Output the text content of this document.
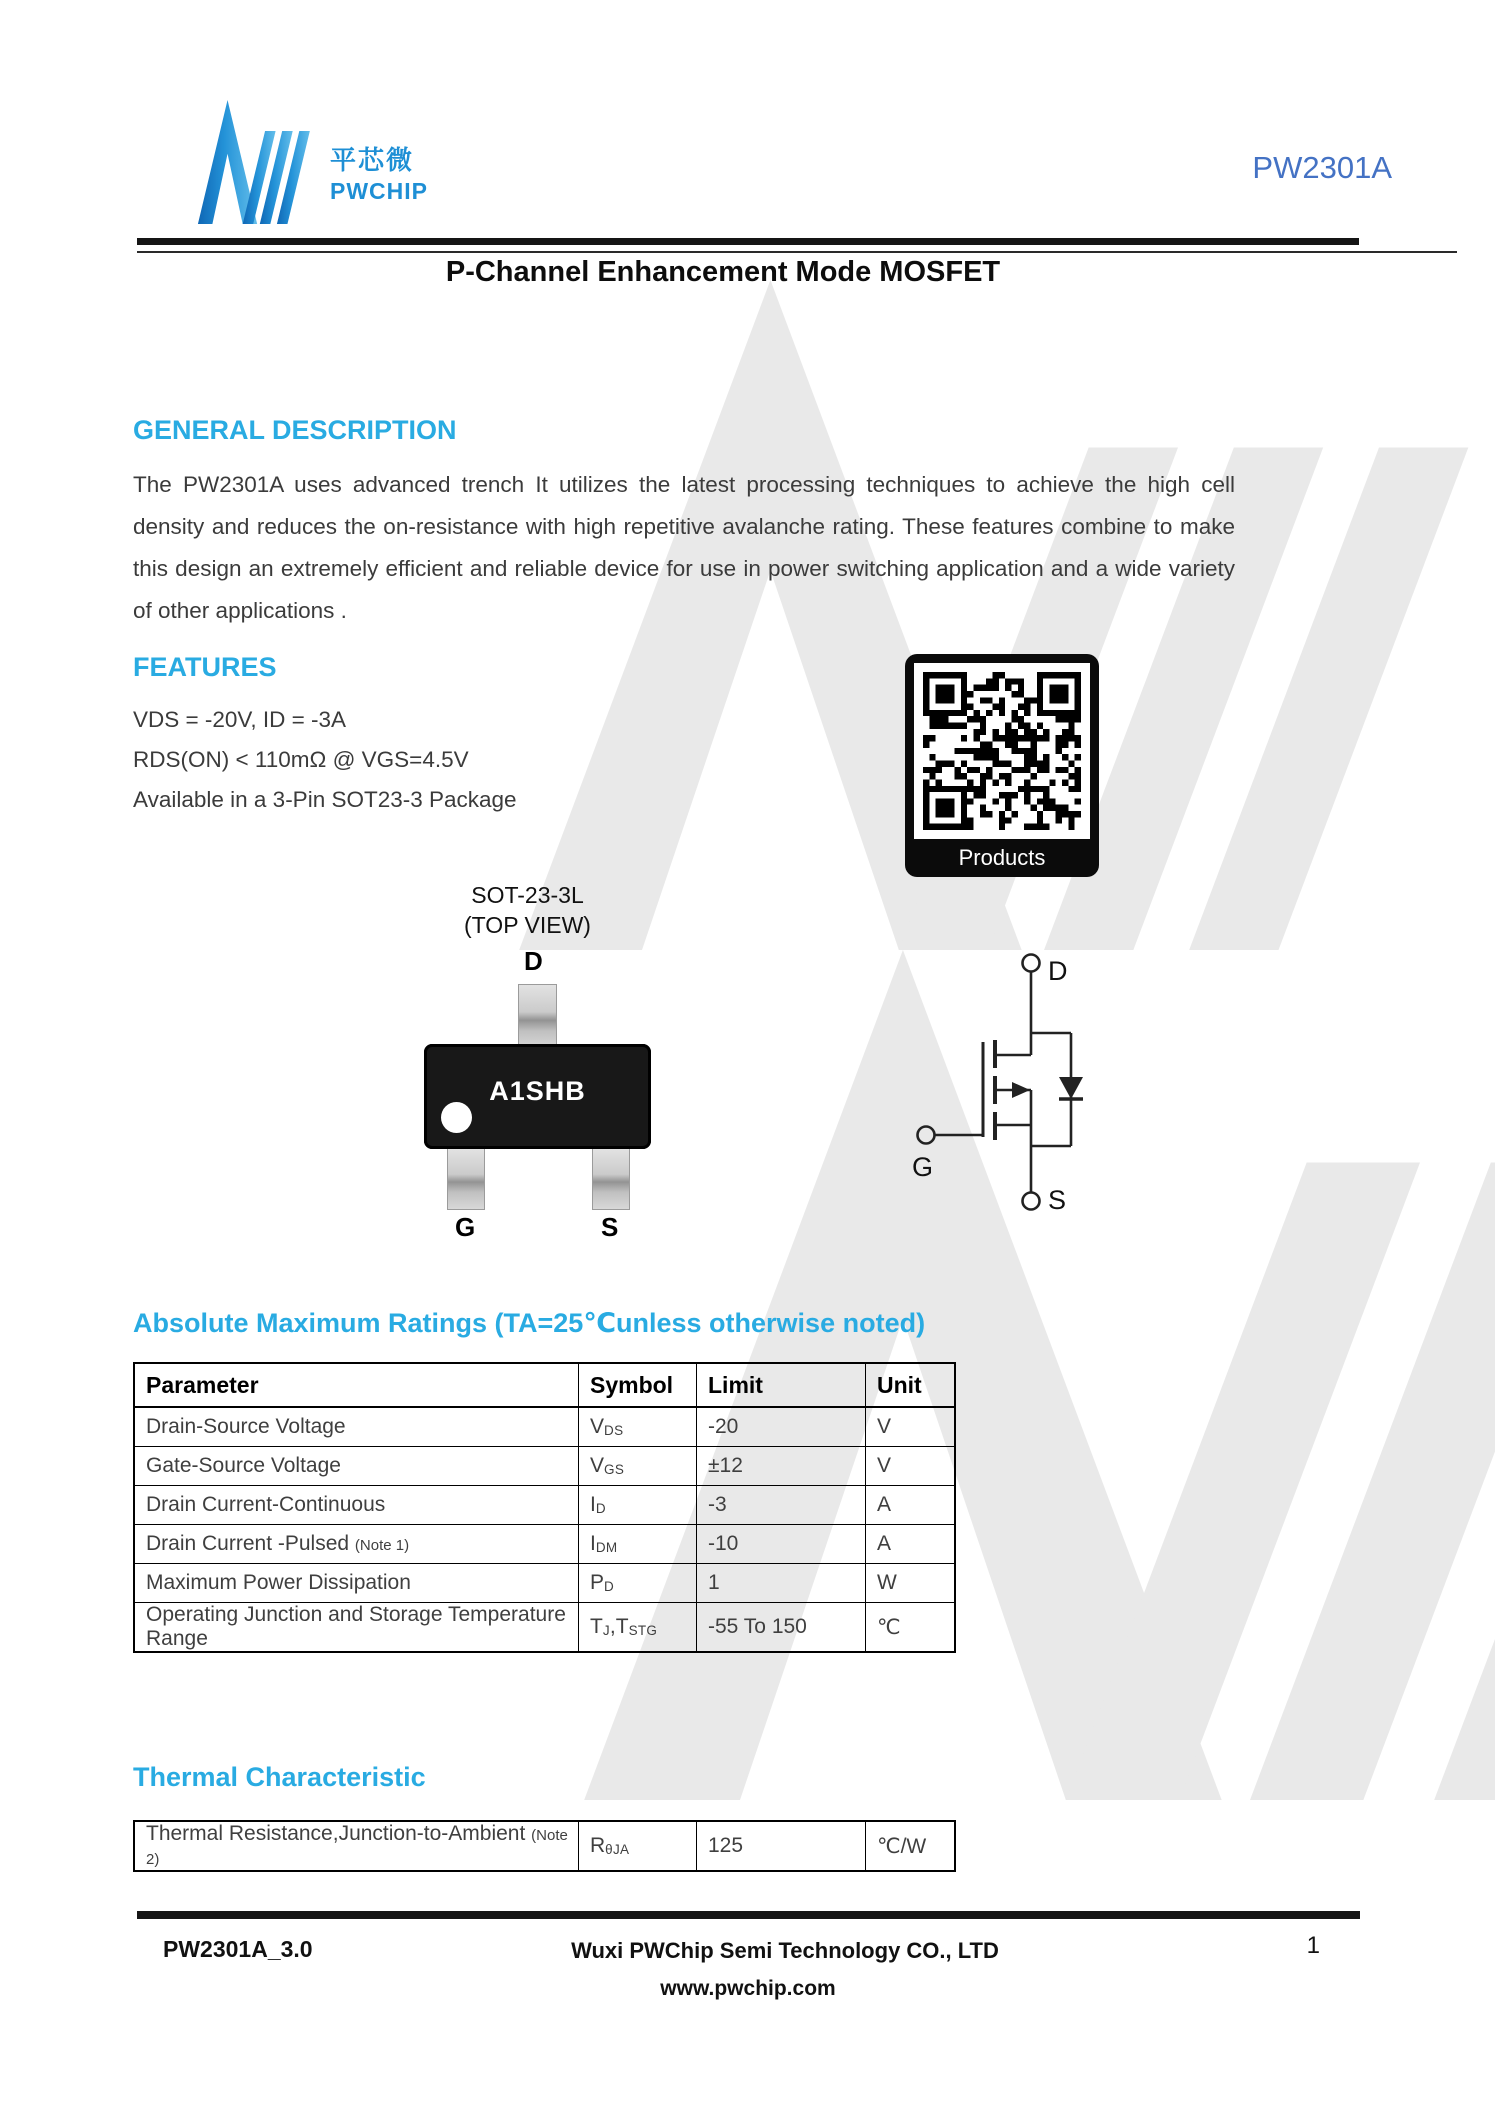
平芯微
PWCHIP
PW2301A
P-Channel Enhancement Mode MOSFET
GENERAL DESCRIPTION
The PW2301A uses advanced trench It utilizes the latest processing techniques to achieve the high cell density and reduces the on-resistance with high repetitive avalanche rating. These features combine to make this design an extremely efficient and reliable device for use in power switching application and a wide variety of other applications .
FEATURES
VDS = -20V, ID = -3A
RDS(ON) < 110mΩ @ VGS=4.5V
Available in a 3-Pin SOT23-3 Package
Products
SOT-23-3L
(TOP VIEW)
D
A1SHB
G	S
D
G
S
Absolute Maximum Ratings (TA=25℃unless otherwise noted)
Parameter	Symbol	Limit	Unit
Drain-Source Voltage	VDS	-20	V
Gate-Source Voltage	VGS	±12	V
Drain Current-Continuous	ID	-3	A
Drain Current -Pulsed (Note 1)	IDM	-10	A
Maximum Power Dissipation	PD	1	W
Operating Junction and Storage Temperature Range	TJ,TSTG	-55 To 150	℃
Thermal Characteristic
Thermal Resistance,Junction-to-Ambient (Note 2)	RθJA	125	℃/W
PW2301A_3.0	Wuxi PWChip Semi Technology CO., LTD	1
www.pwchip.com
